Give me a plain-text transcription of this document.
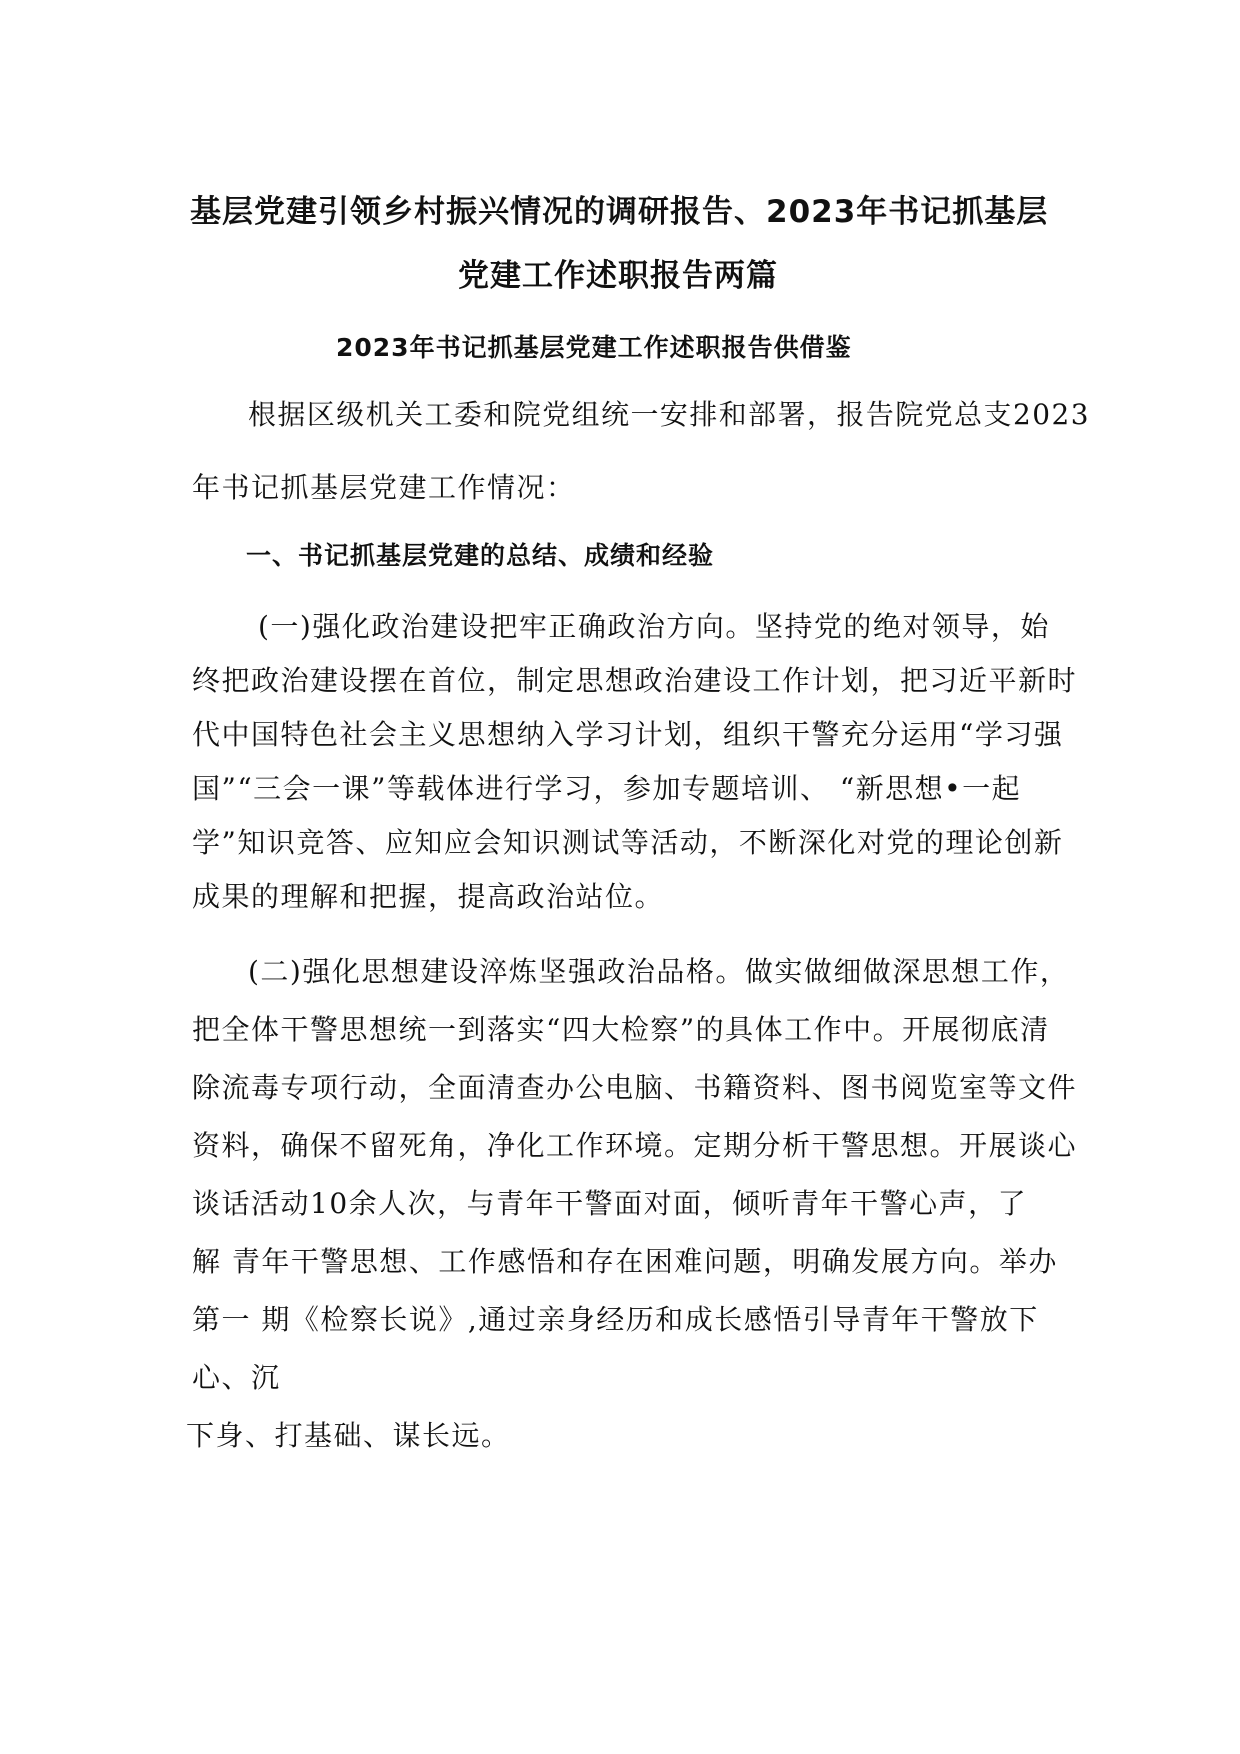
基层党建引领乡村振兴情况的调研报告、2023年书记抓基层
党建工作述职报告两篇
2023年书记抓基层党建工作述职报告供借鉴
根据区级机关工委和院党组统一安排和部署，报告院党总支2023
年书记抓基层党建工作情况：
一、书记抓基层党建的总结、成绩和经验
(一)强化政治建设把牢正确政治方向。坚持党的绝对领导，始
终把政治建设摆在首位，制定思想政治建设工作计划，把习近平新时
代中国特色社会主义思想纳入学习计划，组织干警充分运用“学习强
国”“三会一课”等载体进行学习，参加专题培训、 “新思想•一起
学”知识竞答、应知应会知识测试等活动，不断深化对党的理论创新
成果的理解和把握，提高政治站位。
(二)强化思想建设淬炼坚强政治品格。做实做细做深思想工作，
把全体干警思想统一到落实“四大检察”的具体工作中。开展彻底清
除流毒专项行动，全面清查办公电脑、书籍资料、图书阅览室等文件
资料，确保不留死角，净化工作环境。定期分析干警思想。开展谈心
谈话活动10余人次，与青年干警面对面，倾听青年干警心声，了
解 青年干警思想、工作感悟和存在困难问题，明确发展方向。举办
第一 期《检察长说》,通过亲身经历和成长感悟引导青年干警放下
心、沉
下身、打基础、谋长远。
